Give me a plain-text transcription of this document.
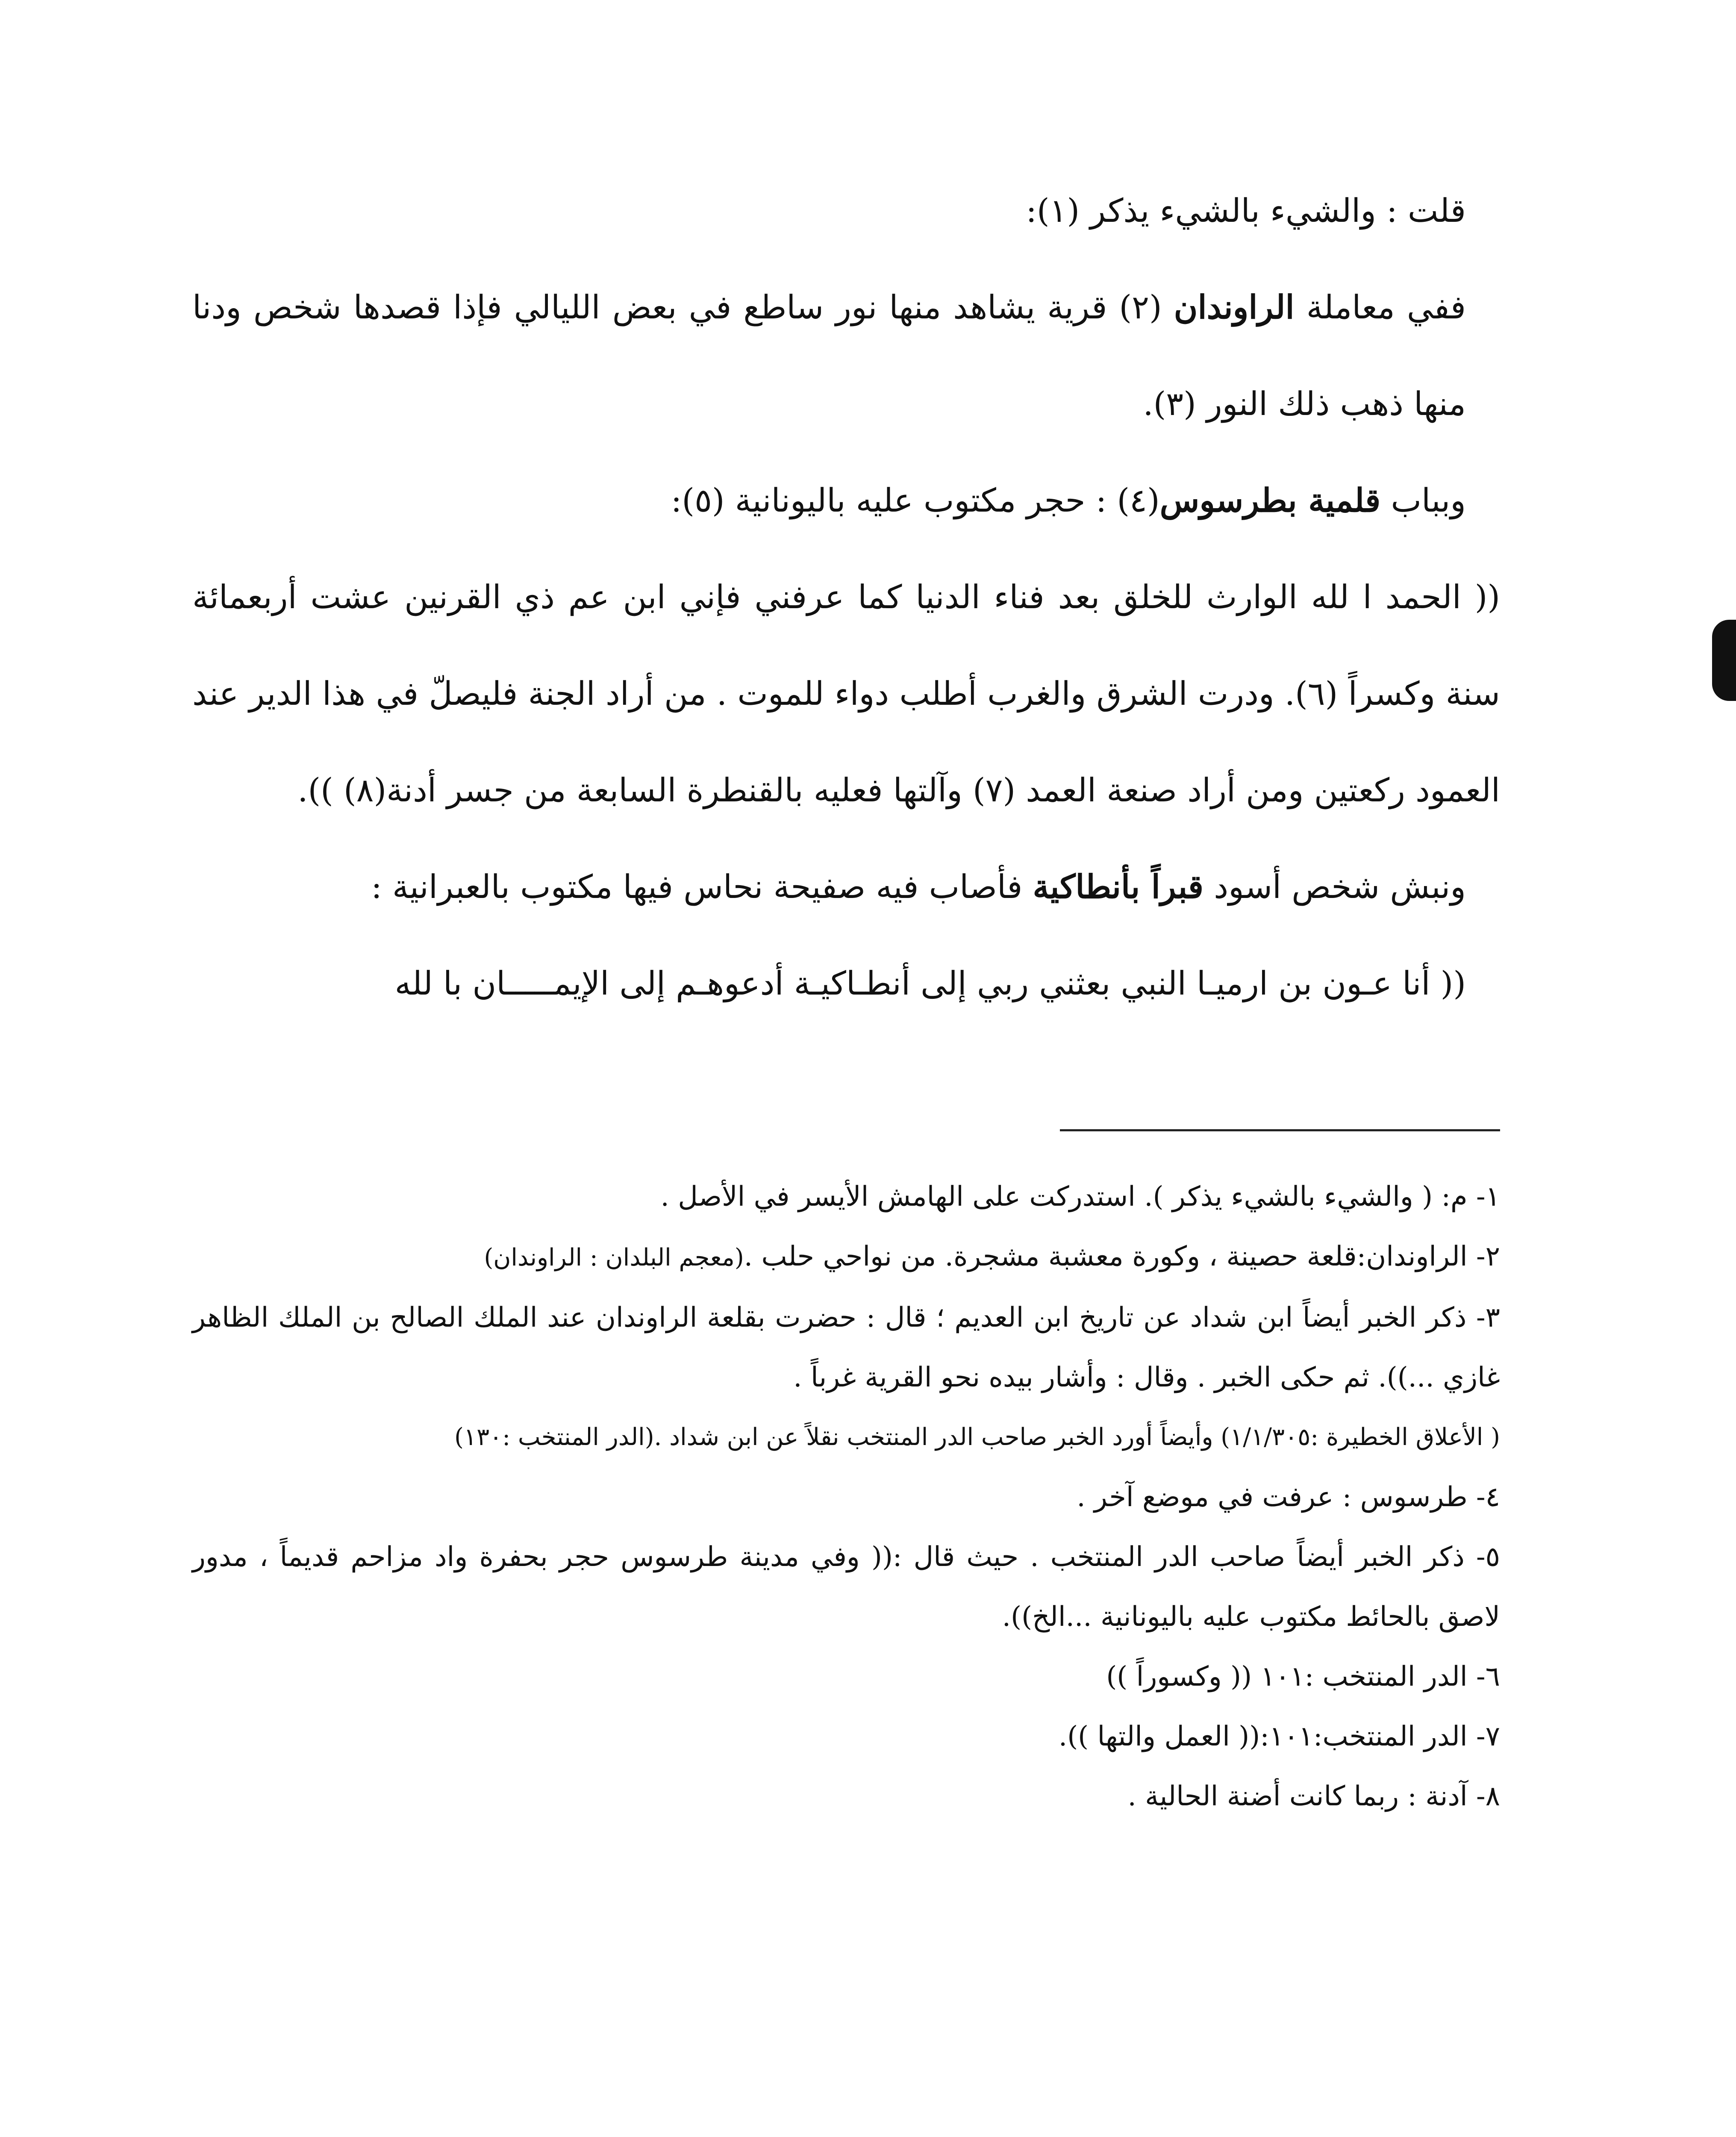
قلت : والشيء بالشيء يذكر (١):

ففي معاملة الراوندان (٢) قرية يشاهد منها نور ساطع في بعض الليالي فإذا قصدها شخص ودنا منها ذهب ذلك النور (٣).

وبباب قلمية بطرسوس(٤) : حجر مكتوب عليه باليونانية (٥):

(( الحمد ا لله الوارث للخلق بعد فناء الدنيا كما عرفني فإني ابن عم ذي القرنين عشت أربعمائة سنة وكسراً (٦). ودرت الشرق والغرب أطلب دواء للموت . من أراد الجنة فليصلّ في هذا الدير عند العمود ركعتين ومن أراد صنعة العمد (٧) وآلتها فعليه بالقنطرة السابعة من جسر أدنة(٨) )).

ونبش شخص أسود قبراً بأنطاكية فأصاب فيه صفيحة نحاس فيها مكتوب بالعبرانية :

(( أنا عـون بن ارميـا النبي بعثني ربي إلى أنطـاكيـة أدعوهـم إلى الإيمـــــان با لله

١- م: ( والشيء بالشيء يذكر ). استدركت على الهامش الأيسر في الأصل .

٢- الراوندان:قلعة حصينة ، وكورة معشبة مشجرة. من نواحي حلب .(معجم البلدان : الراوندان)

٣- ذكر الخبر أيضاً ابن شداد عن تاريخ ابن العديم ؛ قال : حضرت بقلعة الراوندان عند الملك الصالح بن الملك الظاهر غازي ...)). ثم حكى الخبر . وقال : وأشار بيده نحو القرية غرباً .

( الأعلاق الخطيرة :١/١/٣٠٥) وأيضاً أورد الخبر صاحب الدر المنتخب نقلاً عن ابن شداد .(الدر المنتخب :١٣٠)

٤- طرسوس : عرفت في موضع آخر .

٥- ذكر الخبر أيضاً صاحب الدر المنتخب . حيث قال :(( وفي مدينة طرسوس حجر بحفرة واد مزاحم قديماً ، مدور لاصق بالحائط مكتوب عليه باليونانية ...الخ)).

٦- الدر المنتخب :١٠١ (( وكسوراً ))

٧- الدر المنتخب:١٠١:(( العمل والتها )).

٨- آدنة : ربما كانت أضنة الحالية .
